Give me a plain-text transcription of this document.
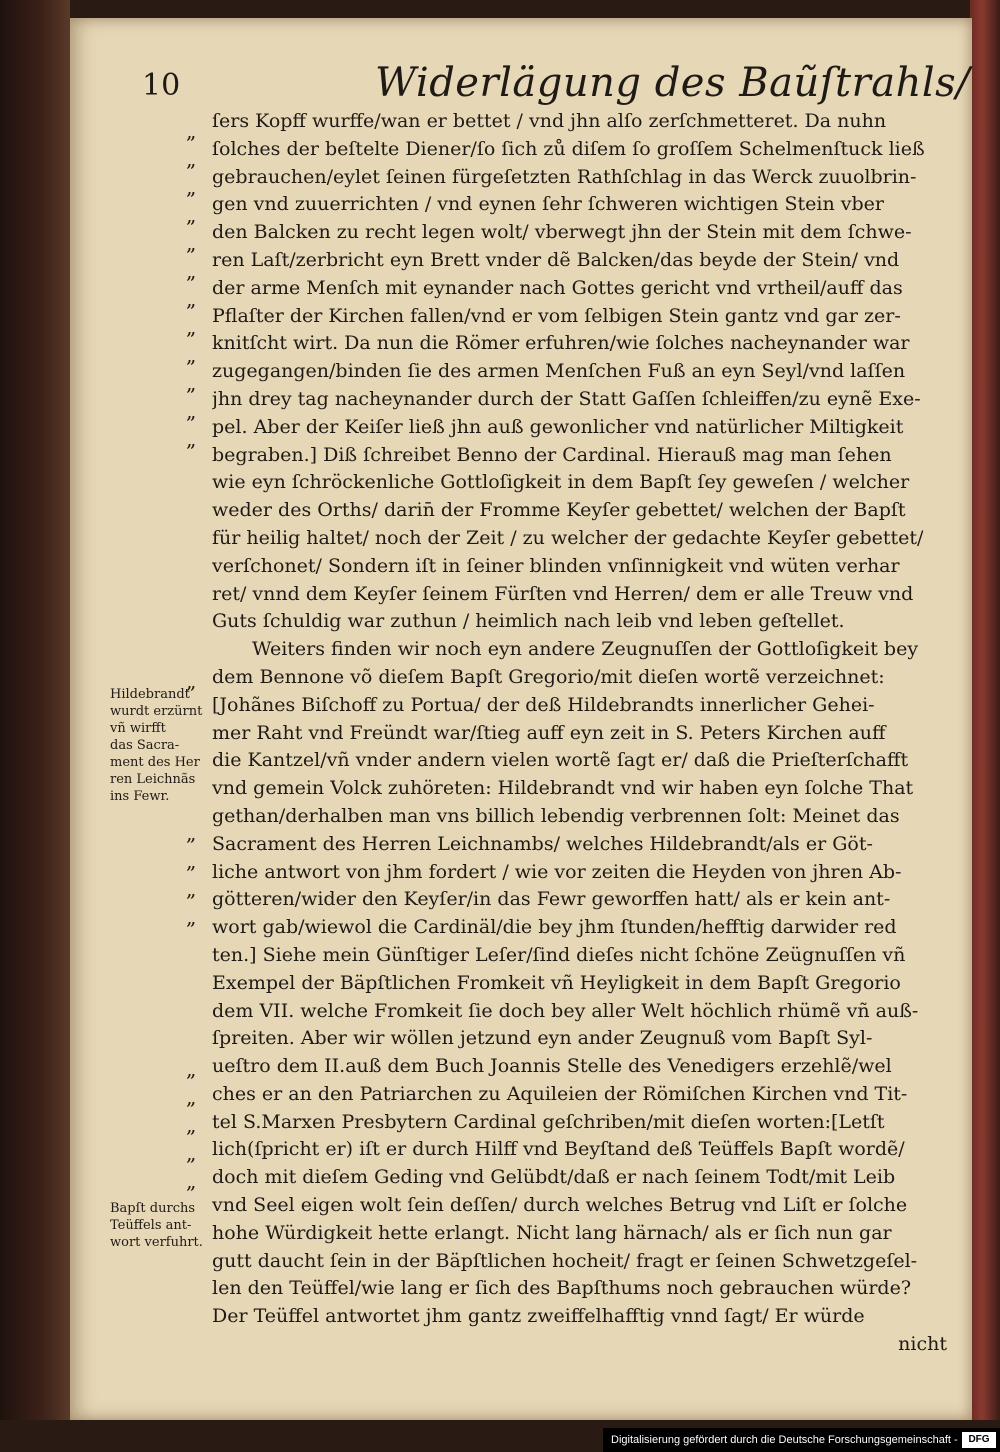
10	Widerlägung des Baũſtrahls/
„
„
„
„
„
„
„
„
„
„
„
„
„
„
„
„
„
„
„
„
„
„
Hildebrandt
wurdt erzürnt
vñ wirfft
das Sacra-
ment des Her
ren Leichnãs
ins Fewr.
Bapſt durchs
Teüffels ant-
wort verfuhrt.
ſers Kopff wurffe/wan er bettet / vnd jhn alſo zerſchmetteret. Da nuhn
ſolches der beſtelte Diener/ſo ſich zů diſem ſo groſſem Schelmenſtuck ließ
gebrauchen/eylet ſeinen fürgeſetzten Rathſchlag in das Werck zuuolbrin-
gen vnd zuuerrichten / vnd eynen ſehr ſchweren wichtigen Stein vber
den Balcken zu recht legen wolt/ vberwegt jhn der Stein mit dem ſchwe-
ren Laſt/zerbricht eyn Brett vnder dẽ Balcken/das beyde der Stein/ vnd
der arme Menſch mit eynander nach Gottes gericht vnd vrtheil/auff das
Pflaſter der Kirchen fallen/vnd er vom ſelbigen Stein gantz vnd gar zer-
knitſcht wirt. Da nun die Römer erfuhren/wie ſolches nacheynander war
zugegangen/binden ſie des armen Menſchen Fuß an eyn Seyl/vnd laſſen
jhn drey tag nacheynander durch der Statt Gaſſen ſchleiffen/zu eynẽ Exe-
pel. Aber der Keiſer ließ jhn auß gewonlicher vnd natürlicher Miltigkeit
begraben.] Diß ſchreibet Benno der Cardinal. Hierauß mag man ſehen
wie eyn ſchröckenliche Gottloſigkeit in dem Bapſt ſey geweſen / welcher
weder des Orths/ darin̄ der Fromme Keyſer gebettet/ welchen der Bapſt
für heilig haltet/ noch der Zeit / zu welcher der gedachte Keyſer gebettet/
verſchonet/ Sondern iſt in ſeiner blinden vnſinnigkeit vnd wüten verhar
ret/ vnnd dem Keyſer ſeinem Fürſten vnd Herren/ dem er alle Treuw vnd
Guts ſchuldig war zuthun / heimlich nach leib vnd leben geſtellet.
Weiters finden wir noch eyn andere Zeugnuſſen der Gottloſigkeit bey
dem Bennone võ dieſem Bapſt Gregorio/mit dieſen wortẽ verzeichnet:
[Johãnes Biſchoff zu Portua/ der deß Hildebrandts innerlicher Gehei-
mer Raht vnd Freündt war/ſtieg auff eyn zeit in S. Peters Kirchen auff
die Kantzel/vñ vnder andern vielen wortẽ ſagt er/ daß die Prieſterſchafft
vnd gemein Volck zuhöreten: Hildebrandt vnd wir haben eyn ſolche That
gethan/derhalben man vns billich lebendig verbrennen ſolt: Meinet das
Sacrament des Herren Leichnambs/ welches Hildebrandt/als er Göt-
liche antwort von jhm fordert / wie vor zeiten die Heyden von jhren Ab-
götteren/wider den Keyſer/in das Fewr geworffen hatt/ als er kein ant-
wort gab/wiewol die Cardinäl/die bey jhm ſtunden/hefftig darwider red
ten.] Siehe mein Günſtiger Leſer/ſind dieſes nicht ſchöne Zeügnuſſen vñ
Exempel der Bäpſtlichen Fromkeit vñ Heyligkeit in dem Bapſt Gregorio
dem VII. welche Fromkeit ſie doch bey aller Welt höchlich rhümẽ vñ auß-
ſpreiten. Aber wir wöllen jetzund eyn ander Zeugnuß vom Bapſt Syl-
ueſtro dem II.auß dem Buch Joannis Stelle des Venedigers erzehlẽ/wel
ches er an den Patriarchen zu Aquileien der Römiſchen Kirchen vnd Tit-
tel S.Marxen Presbytern Cardinal geſchriben/mit dieſen worten:[Letſt
lich(ſpricht er) iſt er durch Hilff vnd Beyſtand deß Teüffels Bapſt wordẽ/
doch mit dieſem Geding vnd Gelübdt/daß er nach ſeinem Todt/mit Leib
vnd Seel eigen wolt ſein deſſen/ durch welches Betrug vnd Liſt er ſolche
hohe Würdigkeit hette erlangt. Nicht lang härnach/ als er ſich nun gar
gutt daucht ſein in der Bäpſtlichen hocheit/ fragt er ſeinen Schwetzgeſel-
len den Teüffel/wie lang er ſich des Bapſthums noch gebrauchen würde?
Der Teüffel antwortet jhm gantz zweiffelhafftig vnnd ſagt/ Er würde
nicht
Digitalisierung gefördert durch die Deutsche Forschungsgemeinschaft -	DFG
